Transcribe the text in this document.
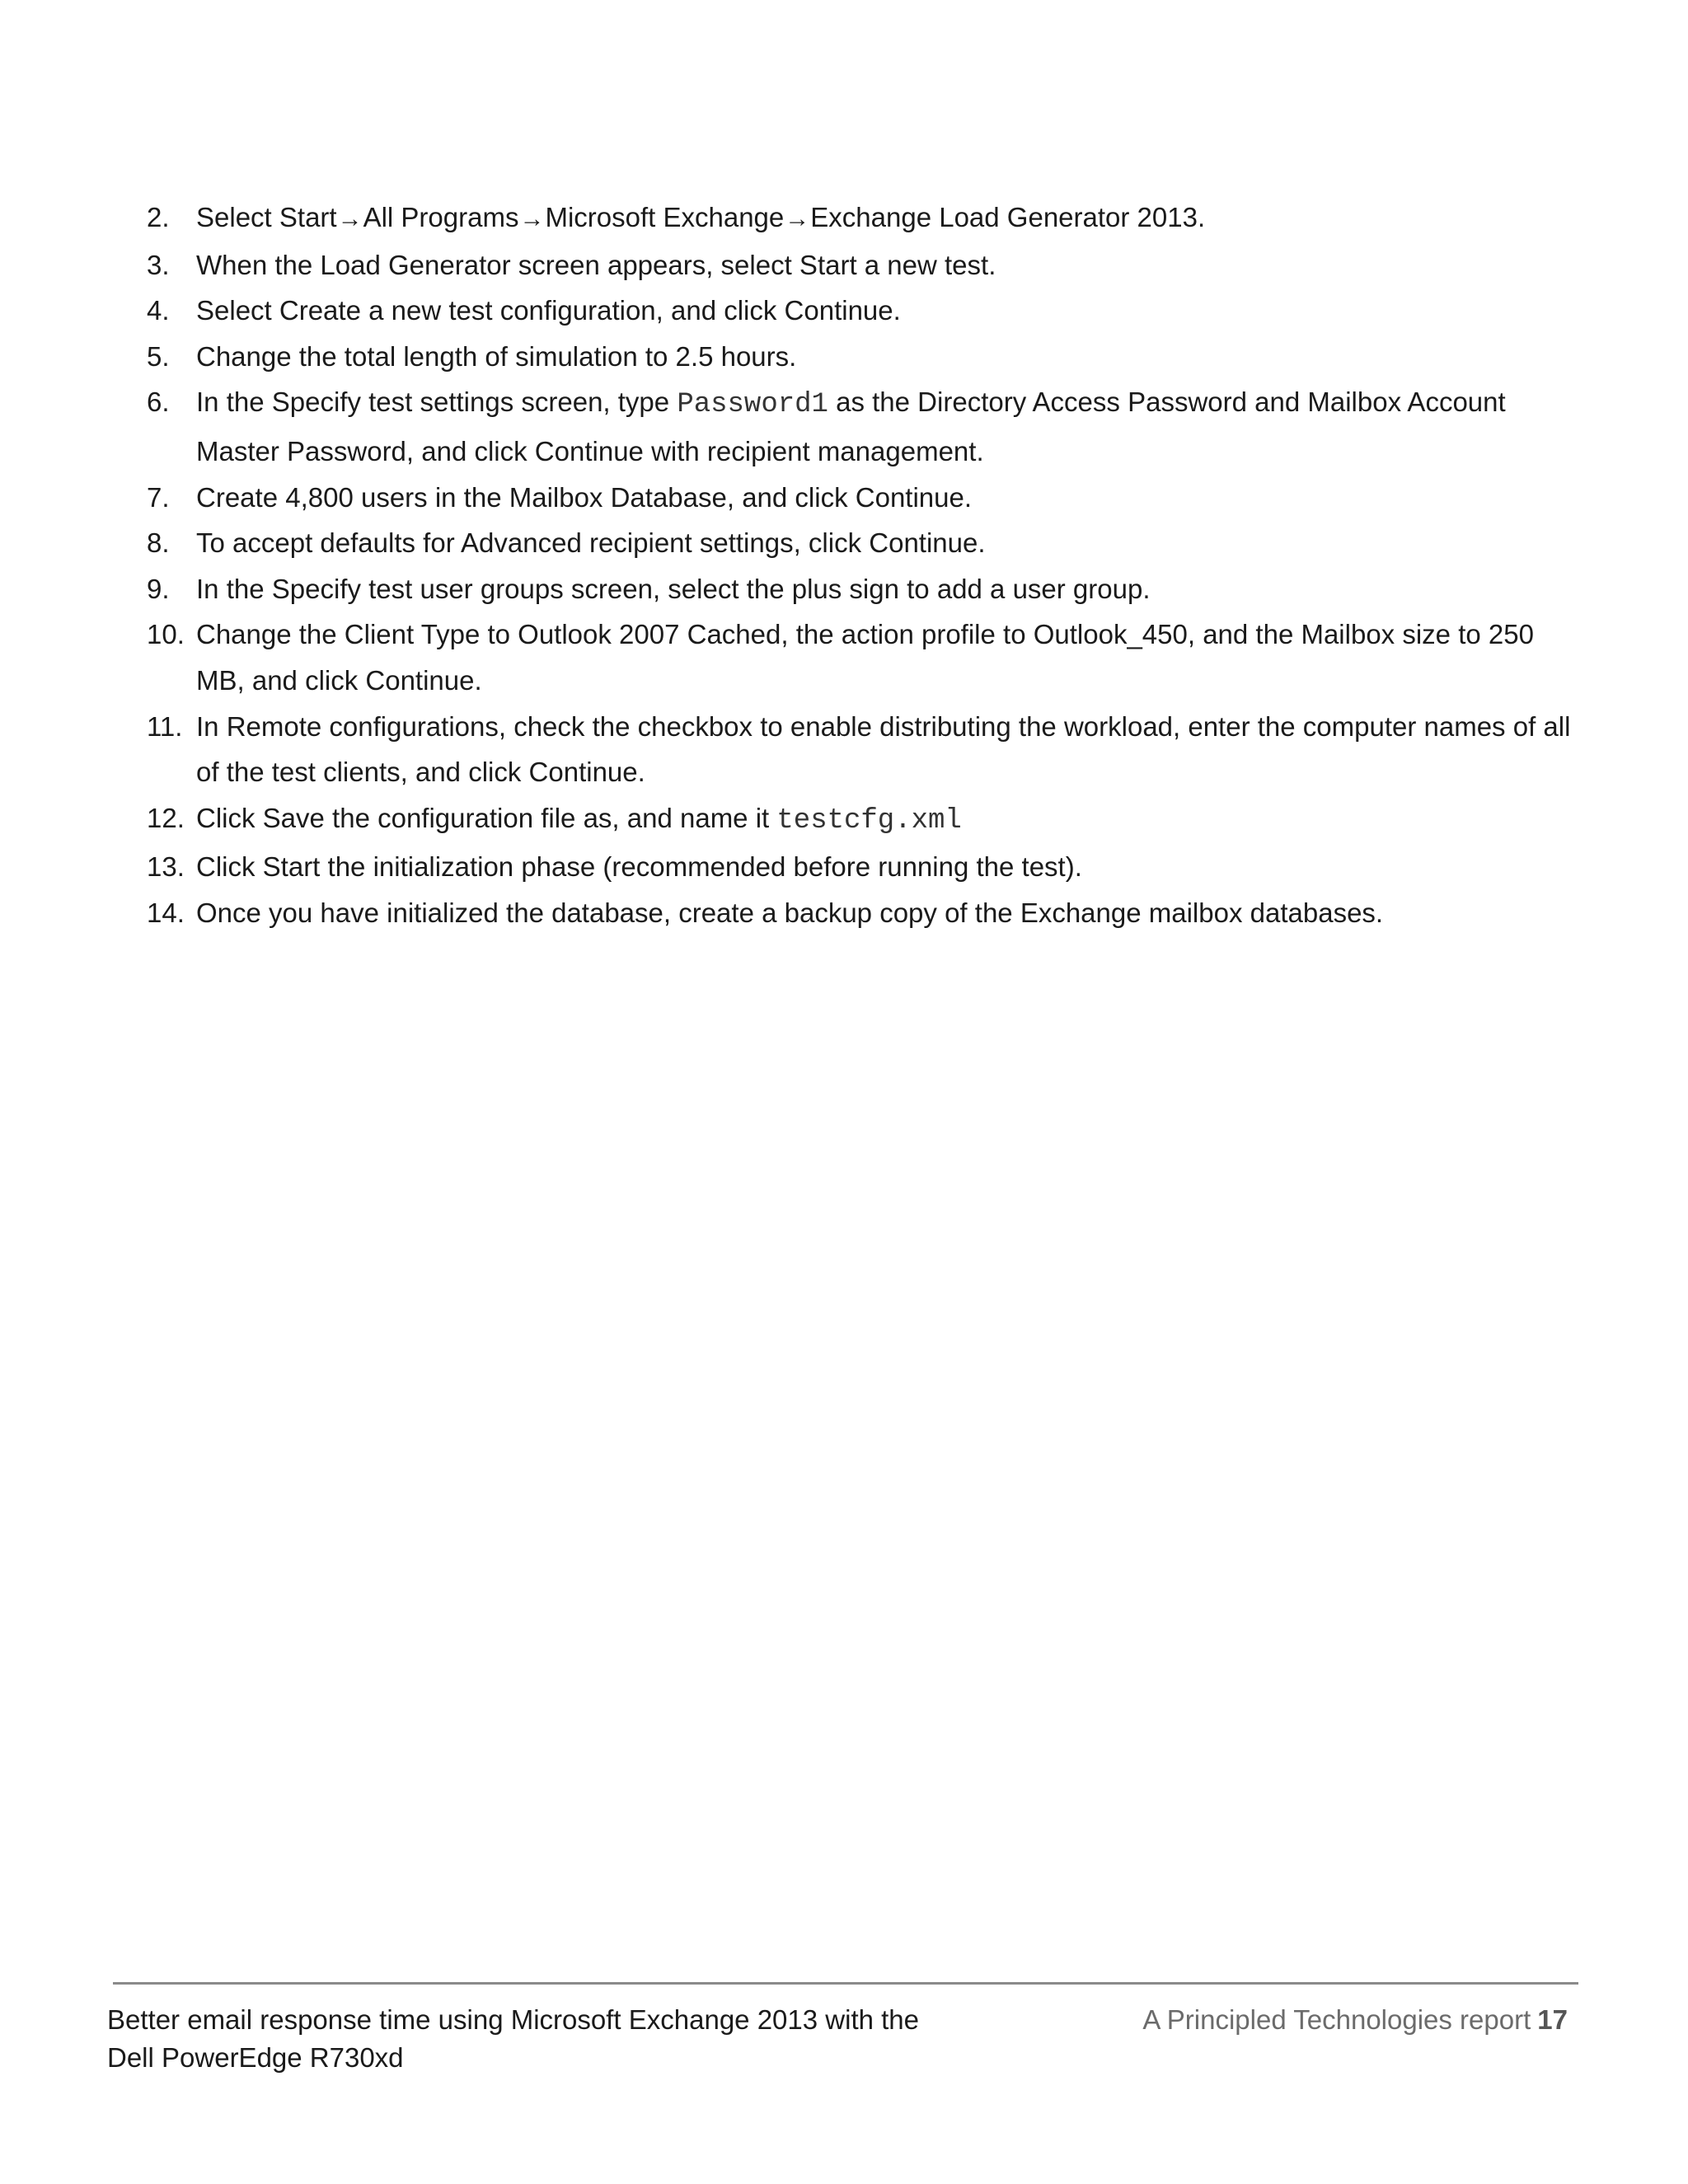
2. Select Start→All Programs→Microsoft Exchange→Exchange Load Generator 2013.
3. When the Load Generator screen appears, select Start a new test.
4. Select Create a new test configuration, and click Continue.
5. Change the total length of simulation to 2.5 hours.
6. In the Specify test settings screen, type Password1 as the Directory Access Password and Mailbox Account Master Password, and click Continue with recipient management.
7. Create 4,800 users in the Mailbox Database, and click Continue.
8. To accept defaults for Advanced recipient settings, click Continue.
9. In the Specify test user groups screen, select the plus sign to add a user group.
10. Change the Client Type to Outlook 2007 Cached, the action profile to Outlook_450, and the Mailbox size to 250 MB, and click Continue.
11. In Remote configurations, check the checkbox to enable distributing the workload, enter the computer names of all of the test clients, and click Continue.
12. Click Save the configuration file as, and name it testcfg.xml
13. Click Start the initialization phase (recommended before running the test).
14. Once you have initialized the database, create a backup copy of the Exchange mailbox databases.
Better email response time using Microsoft Exchange 2013 with the
Dell PowerEdge R730xd
A Principled Technologies report 17
